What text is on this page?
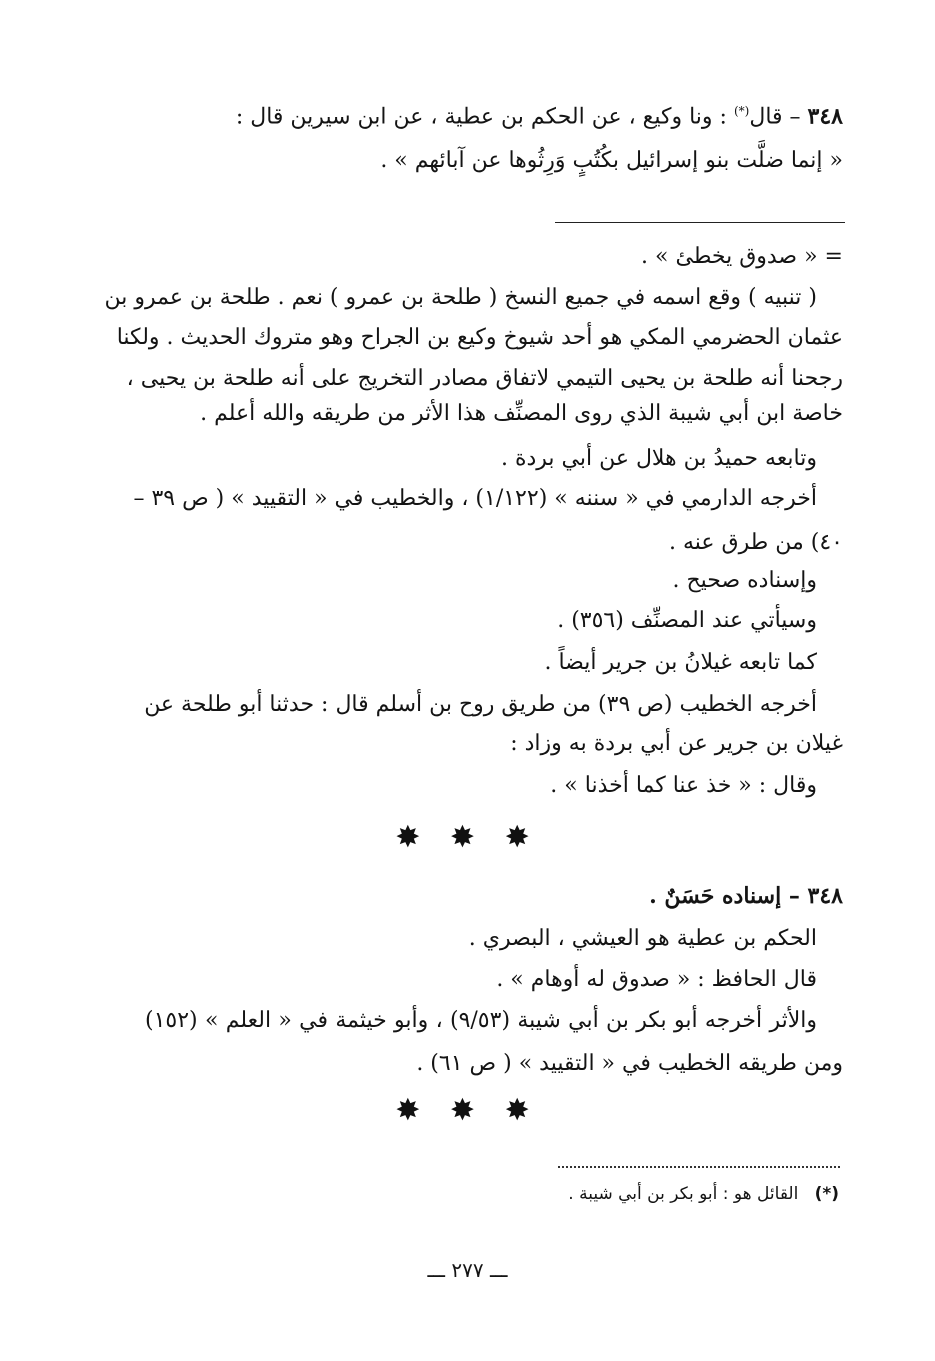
٣٤٨ – قال(*) : ونا وكيع ، عن الحكم بن عطية ، عن ابن سيرين قال :
« إنما ضلَّت بنو إسرائيل بكُتُبٍ وَرِثُوها عن آبائهم » .
= « صدوق يخطئ » .
( تنبيه ) وقع اسمه في جميع النسخ ( طلحة بن عمرو ) نعم . طلحة بن عمرو بن
عثمان الحضرمي المكي هو أحد شيوخ وكيع بن الجراح وهو متروك الحديث . ولكنا
رجحنا أنه طلحة بن يحيى التيمي لاتفاق مصادر التخريج على أنه طلحة بن يحيى ،
خاصة ابن أبي شيبة الذي روى المصنِّف هذا الأثر من طريقه والله أعلم .
وتابعه حميدُ بن هلال عن أبي بردة .
أخرجه الدارمي في « سننه » (١/١٢٢) ، والخطيب في « التقييد » ( ص ٣٩ –
٤٠) من طرق عنه .
وإسناده صحيح .
وسيأتي عند المصنِّف (٣٥٦) .
كما تابعه غيلانُ بن جرير أيضاً .
أخرجه الخطيب (ص ٣٩) من طريق روح بن أسلم قال : حدثنا أبو طلحة عن
غيلان بن جرير عن أبي بردة به وزاد :
وقال : « خذ عنا كما أخذنا » .
✸ ✸ ✸
٣٤٨ – إسناده حَسَنٌ .
الحكم بن عطية هو العيشي ، البصري .
قال الحافظ : « صدوق له أوهام » .
والأثر أخرجه أبو بكر بن أبي شيبة (٩/٥٣) ، وأبو خيثمة في « العلم » (١٥٢)
ومن طريقه الخطيب في « التقييد » ( ص ٦١) .
✸ ✸ ✸
(*)   القائل هو : أبو بكر بن أبي شيبة .
ـــ ٢٧٧ ـــ
